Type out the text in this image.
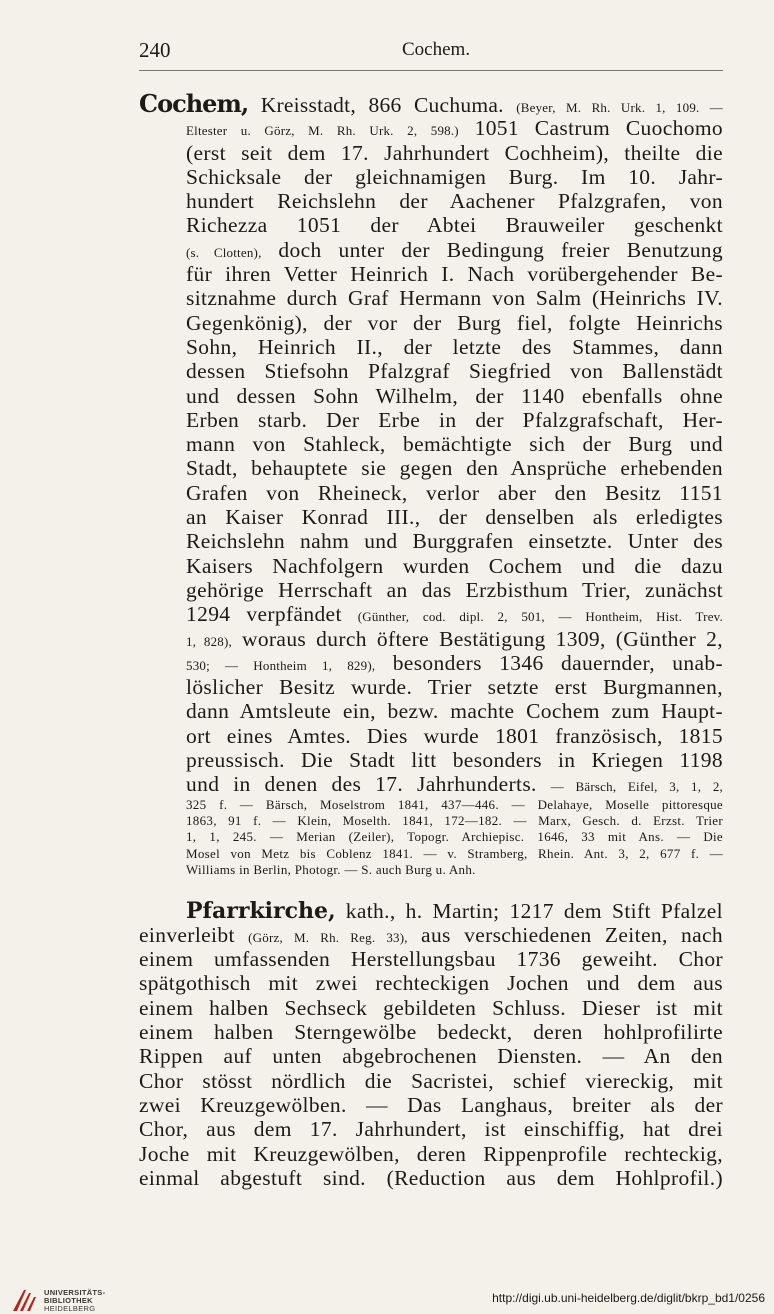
240	Cochem.
Cochem, Kreisstadt, 866 Cuchuma. (Beyer, M. Rh. Urk. 1, 109. —
Eltester u. Görz, M. Rh. Urk. 2, 598.) 1051 Castrum Cuochomo
(erst seit dem 17. Jahrhundert Cochheim), theilte die
Schicksale der gleichnamigen Burg. Im 10. Jahr-
hundert Reichslehn der Aachener Pfalzgrafen, von
Richezza 1051 der Abtei Brauweiler geschenkt
(s. Clotten), doch unter der Bedingung freier Benutzung
für ihren Vetter Heinrich I. Nach vorübergehender Be-
sitznahme durch Graf Hermann von Salm (Heinrichs IV.
Gegenkönig), der vor der Burg fiel, folgte Heinrichs
Sohn, Heinrich II., der letzte des Stammes, dann
dessen Stiefsohn Pfalzgraf Siegfried von Ballenstädt
und dessen Sohn Wilhelm, der 1140 ebenfalls ohne
Erben starb. Der Erbe in der Pfalzgrafschaft, Her-
mann von Stahleck, bemächtigte sich der Burg und
Stadt, behauptete sie gegen den Ansprüche erhebenden
Grafen von Rheineck, verlor aber den Besitz 1151
an Kaiser Konrad III., der denselben als erledigtes
Reichslehn nahm und Burggrafen einsetzte. Unter des
Kaisers Nachfolgern wurden Cochem und die dazu
gehörige Herrschaft an das Erzbisthum Trier, zunächst
1294 verpfändet (Günther, cod. dipl. 2, 501, — Hontheim, Hist. Trev.
1, 828), woraus durch öftere Bestätigung 1309, (Günther 2,
530; — Hontheim 1, 829), besonders 1346 dauernder, unab-
löslicher Besitz wurde. Trier setzte erst Burgmannen,
dann Amtsleute ein, bezw. machte Cochem zum Haupt-
ort eines Amtes. Dies wurde 1801 französisch, 1815
preussisch. Die Stadt litt besonders in Kriegen 1198
und in denen des 17. Jahrhunderts. — Bärsch, Eifel, 3, 1, 2,
325 f. — Bärsch, Moselstrom 1841, 437—446. — Delahaye, Moselle pittoresque
1863, 91 f. — Klein, Moselth. 1841, 172—182. — Marx, Gesch. d. Erzst. Trier
1, 1, 245. — Merian (Zeiler), Topogr. Archiepisc. 1646, 33 mit Ans. — Die
Mosel von Metz bis Coblenz 1841. — v. Stramberg, Rhein. Ant. 3, 2, 677 f. —
Williams in Berlin, Photogr. — S. auch Burg u. Anh.
Pfarrkirche, kath., h. Martin; 1217 dem Stift Pfalzel
einverleibt (Görz, M. Rh. Reg. 33), aus verschiedenen Zeiten, nach
einem umfassenden Herstellungsbau 1736 geweiht. Chor
spätgothisch mit zwei rechteckigen Jochen und dem aus
einem halben Sechseck gebildeten Schluss. Dieser ist mit
einem halben Sterngewölbe bedeckt, deren hohlprofilirte
Rippen auf unten abgebrochenen Diensten. — An den
Chor stösst nördlich die Sacristei, schief viereckig, mit
zwei Kreuzgewölben. — Das Langhaus, breiter als der
Chor, aus dem 17. Jahrhundert, ist einschiffig, hat drei
Joche mit Kreuzgewölben, deren Rippenprofile rechteckig,
einmal abgestuft sind. (Reduction aus dem Hohlprofil.)
UNIVERSITÄTS-
BIBLIOTHEK
HEIDELBERG
http://digi.ub.uni-heidelberg.de/diglit/bkrp_bd1/0256
